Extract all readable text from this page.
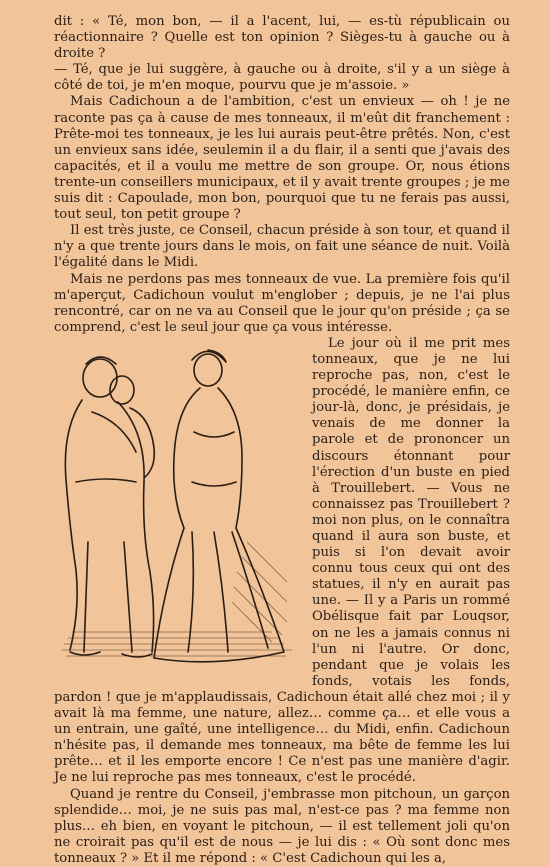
dit : « Té, mon bon, — il a l'acent, lui, — es-tù républicain ou réactionnaire ? Quelle est ton opinion ? Sièges-tu à gauche ou à droite ?

— Té, que je lui suggère, à gauche ou à droite, s'il y a un siège à côté de toi, je m'en moque, pourvu que je m'assoie. »

Mais Cadichoun a de l'ambition, c'est un envieux — oh ! je ne raconte pas ça à cause de mes tonneaux, il m'eût dit franchement : Prête-moi tes tonneaux, je les lui aurais peut-être prêtés. Non, c'est un envieux sans idée, seulemin il a du flair, il a senti que j'avais des capacités, et il a voulu me mettre de son groupe. Or, nous étions trente-un conseillers municipaux, et il y avait trente groupes ; je me suis dit : Capoulade, mon bon, pourquoi que tu ne ferais pas aussi, tout seul, ton petit groupe ?

Il est très juste, ce Conseil, chacun préside à son tour, et quand il n'y a que trente jours dans le mois, on fait une séance de nuit. Voilà l'égalité dans le Midi.

Mais ne perdons pas mes tonneaux de vue. La première fois qu'il m'aperçut, Cadichoun voulut m'englober ; depuis, je ne l'ai plus rencontré, car on ne va au Conseil que le jour qu'on préside ; ça se comprend, c'est le seul jour que ça vous intéresse.

Le jour où il me prit mes tonneaux, que je ne lui reproche pas, non, c'est le procédé, le manière enfin, ce jour-là, donc, je présidais, je venais de me donner la parole et de prononcer un discours étonnant pour l'érection d'un buste en pied à Trouillebert. — Vous ne connaissez pas Trouillebert ? moi non plus, on le connaîtra quand il aura son buste, et puis si l'on devait avoir connu tous ceux qui ont des statues, il n'y en aurait pas une. — Il y a Paris un rommé Obélisque fait par Louqsor, on ne les a jamais connus ni l'un ni l'autre. Or donc, pendant que je volais les fonds, votais les fonds, pardon ! que je m'applaudissais, Cadichoun était allé chez moi ; il y avait là ma femme, une nature, allez… comme ça… et elle vous a un entrain, une gaîté, une intelligence… du Midi, enfin. Cadichoun n'hésite pas, il demande mes tonneaux, ma bête de femme les lui prête… et il les emporte encore ! Ce n'est pas une manière d'agir. Je ne lui reproche pas mes tonneaux, c'est le procédé.

Quand je rentre du Conseil, j'embrasse mon pitchoun, un garçon splendide… moi, je ne suis pas mal, n'est-ce pas ? ma femme non plus… eh bien, en voyant le pitchoun, — il est tellement joli qu'on ne croirait pas qu'il est de nous — je lui dis : « Où sont donc mes tonneaux ? » Et il me répond : « C'est Cadichoun qui les a,
